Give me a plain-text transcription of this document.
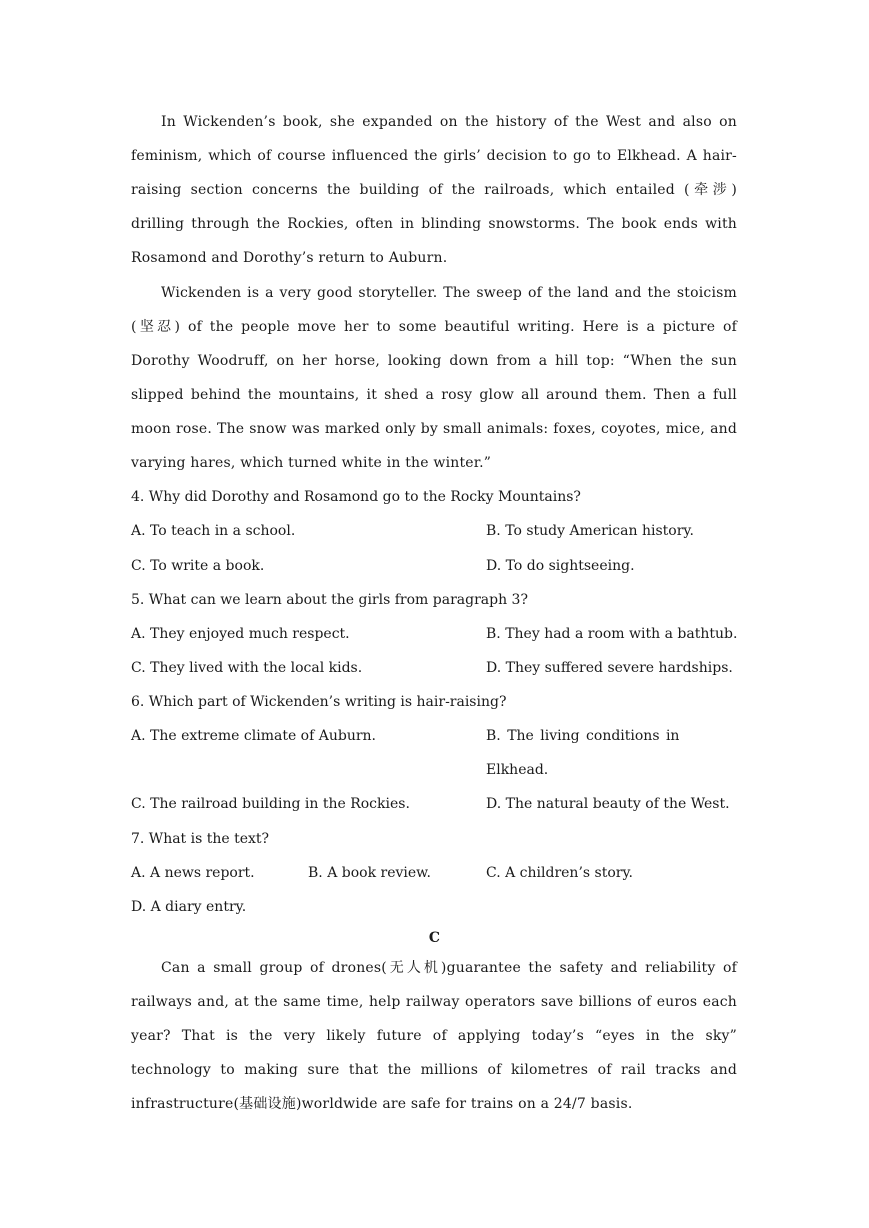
In Wickenden’s book, she expanded on the history of the West and also on feminism, which of course influenced the girls’ decision to go to Elkhead. A hair-raising section concerns the building of the railroads, which entailed (牵涉) drilling through the Rockies, often in blinding snowstorms. The book ends with Rosamond and Dorothy’s return to Auburn.

Wickenden is a very good storyteller. The sweep of the land and the stoicism (坚忍) of the people move her to some beautiful writing. Here is a picture of Dorothy Woodruff, on her horse, looking down from a hill top: “When the sun slipped behind the mountains, it shed a rosy glow all around them. Then a full moon rose. The snow was marked only by small animals: foxes, coyotes, mice, and varying hares, which turned white in the winter.”

4. Why did Dorothy and Rosamond go to the Rocky Mountains?
A. To teach in a school.	B. To study American history.
C. To write a book.	D. To do sightseeing.
5. What can we learn about the girls from paragraph 3?
A. They enjoyed much respect.	B. They had a room with a bathtub.
C. They lived with the local kids.	D. They suffered severe hardships.
6. Which part of Wickenden’s writing is hair-raising?
A. The extreme climate of Auburn.	B. The living conditions in Elkhead.
C. The railroad building in the Rockies.	D. The natural beauty of the West.
7. What is the text?
A. A news report.	B. A book review.	C. A children’s story.
D. A diary entry.
C

Can a small group of drones(无人机)guarantee the safety and reliability of railways and, at the same time, help railway operators save billions of euros each year? That is the very likely future of applying today’s “eyes in the sky” technology to making sure that the millions of kilometres of rail tracks and infrastructure(基础设施)worldwide are safe for trains on a 24/7 basis.
